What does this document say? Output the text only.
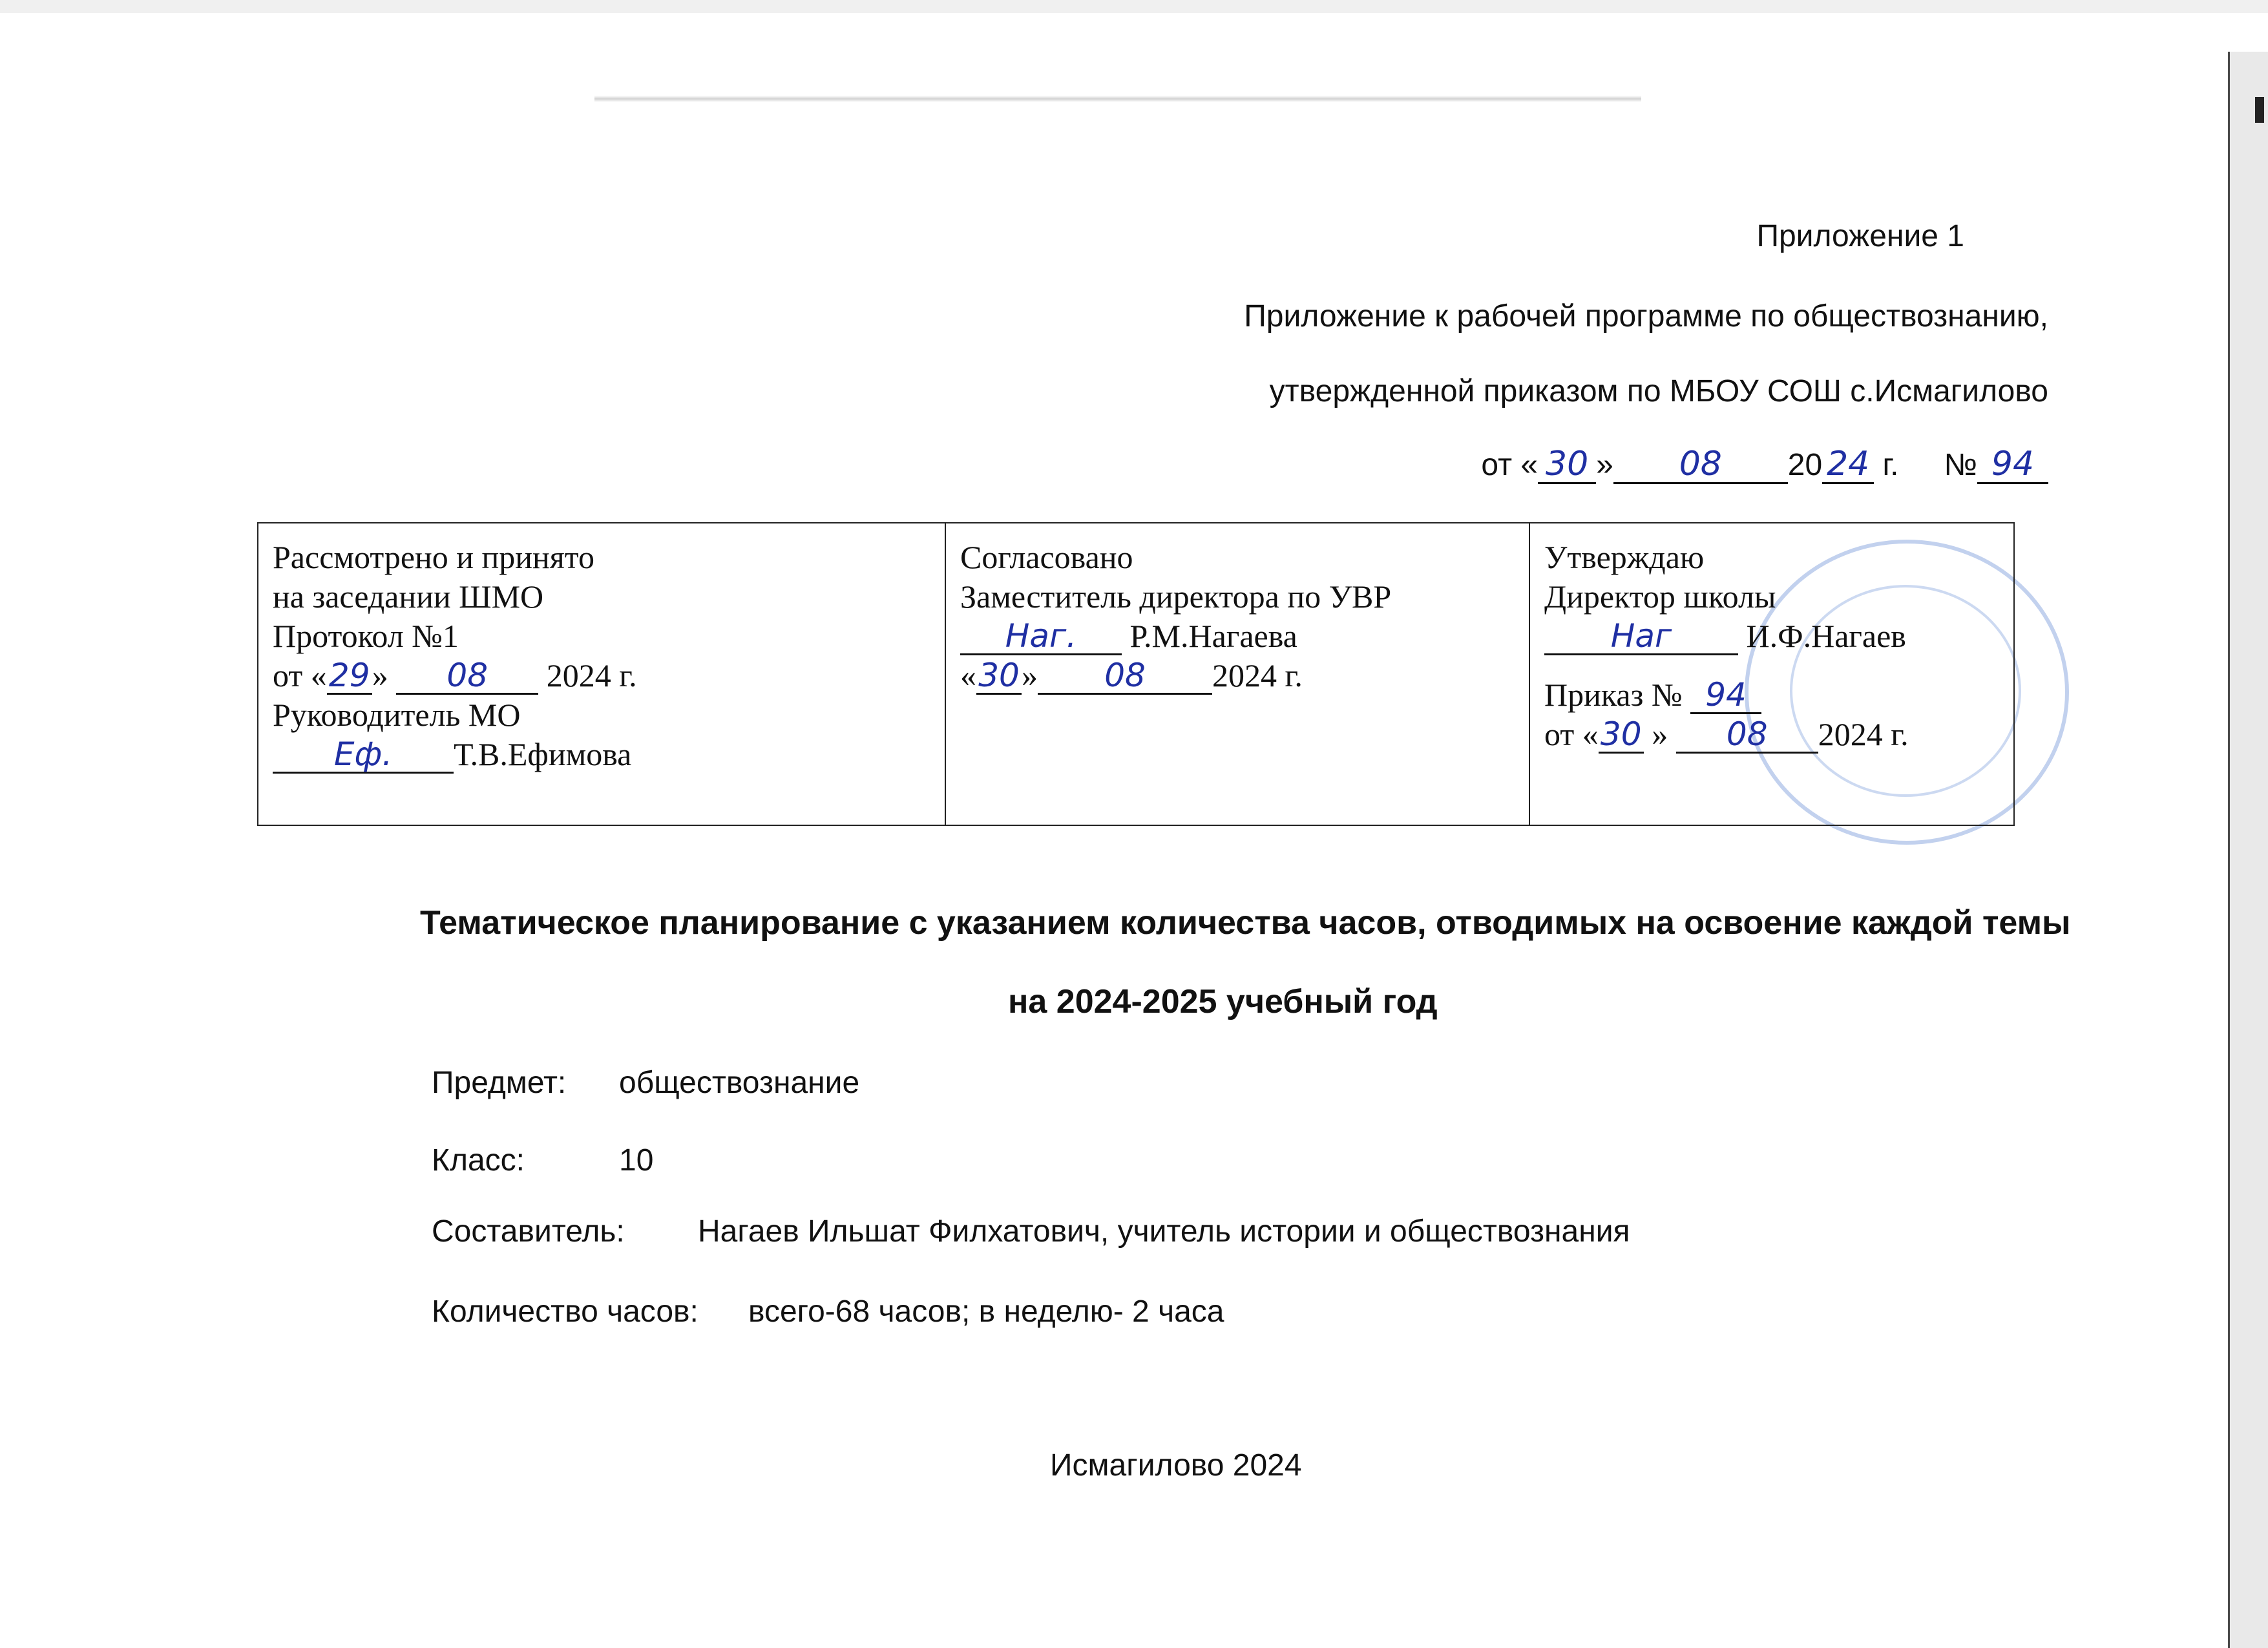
Приложение 1
Приложение к рабочей программе по обществознанию,
утвержденной приказом по МБОУ СОШ с.Исмагилово
от « 30 » 08 20 24 г. № 94
Рассмотрено и принято
на заседании ШМО
Протокол №1
от «29» 08 2024 г.
Руководитель МО
Еф. Т.В.Ефимова

Согласовано
Заместитель директора по УВР
Наг. Р.М.Нагаева
«30» 08 2024 г.

Утверждаю
Директор школы
Наг И.Ф.Нагаев
Приказ № 94
от «30 » 08 2024 г.
Тематическое планирование с указанием количества часов, отводимых на освоение каждой темы
на 2024-2025 учебный год
Предмет: обществознание
Класс:	10
Составитель: Нагаев Ильшат Филхатович, учитель истории и обществознания
Количество часов: всего-68 часов; в неделю- 2 часа
Исмагилово 2024
